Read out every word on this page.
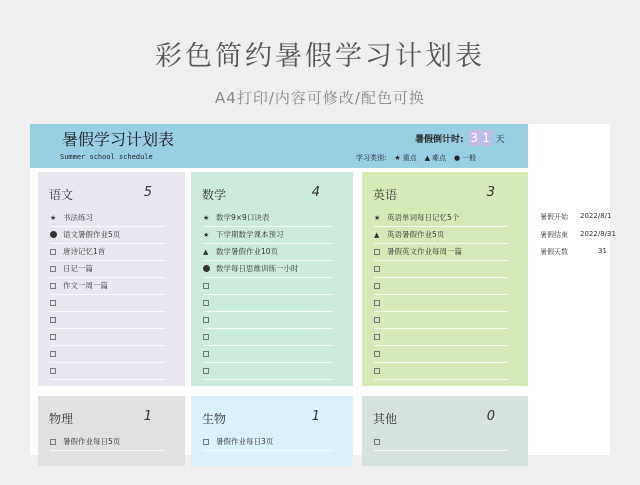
彩色简约暑假学习计划表
A4打印/内容可修改/配色可换
暑假学习计划表
Summer school schedule
暑假倒计时: 3 1 天
学习类别: ★ 重点 ▲ 难点 ● 一般
语文	5
★ 书法练习
语文暑假作业5页
唐诗记忆1首
日记一篇
作文一周一篇
数学	4
★ 数学9×9口诀表
★ 下学期数学课本预习
▲	数学暑假作业10页
数学每日思维训练一小时
英语	3
★ 英语单词每日记忆5个
▲	英语暑假作业5页
暑假英文作业每周一篇
物理	1
暑假作业每日5页
生物	1
暑假作业每日3页
其他	0
暑假开始 2022/8/1
暑假结束 2022/8/31
暑假天数	31
